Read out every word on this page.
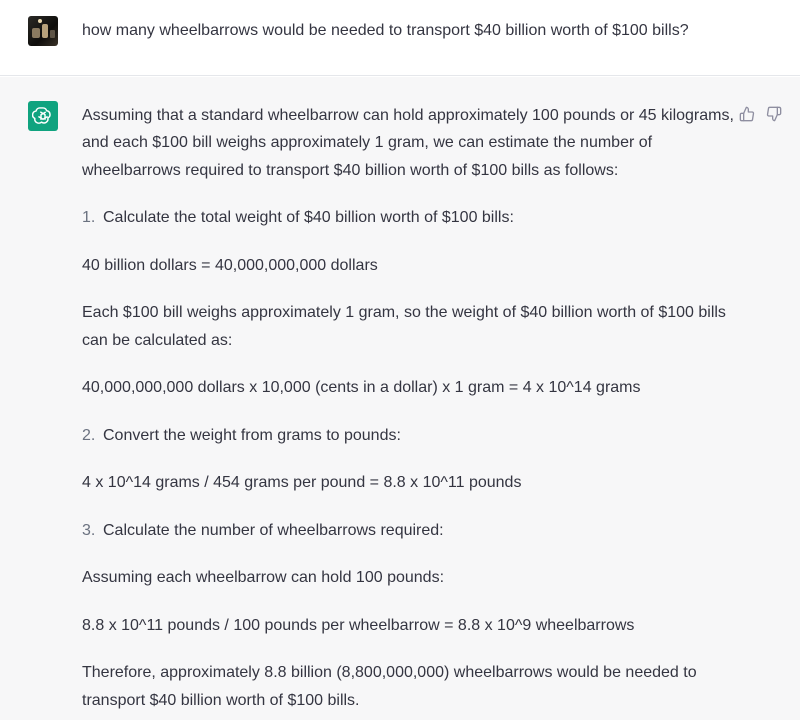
how many wheelbarrows would be needed to transport $40 billion worth of $100 bills?
Assuming that a standard wheelbarrow can hold approximately 100 pounds or 45 kilograms,
and each $100 bill weighs approximately 1 gram, we can estimate the number of
wheelbarrows required to transport $40 billion worth of $100 bills as follows:
1. Calculate the total weight of $40 billion worth of $100 bills:
40 billion dollars = 40,000,000,000 dollars
Each $100 bill weighs approximately 1 gram, so the weight of $40 billion worth of $100 bills
can be calculated as:
40,000,000,000 dollars x 10,000 (cents in a dollar) x 1 gram = 4 x 10^14 grams
2. Convert the weight from grams to pounds:
4 x 10^14 grams / 454 grams per pound = 8.8 x 10^11 pounds
3. Calculate the number of wheelbarrows required:
Assuming each wheelbarrow can hold 100 pounds:
8.8 x 10^11 pounds / 100 pounds per wheelbarrow = 8.8 x 10^9 wheelbarrows
Therefore, approximately 8.8 billion (8,800,000,000) wheelbarrows would be needed to
transport $40 billion worth of $100 bills.
